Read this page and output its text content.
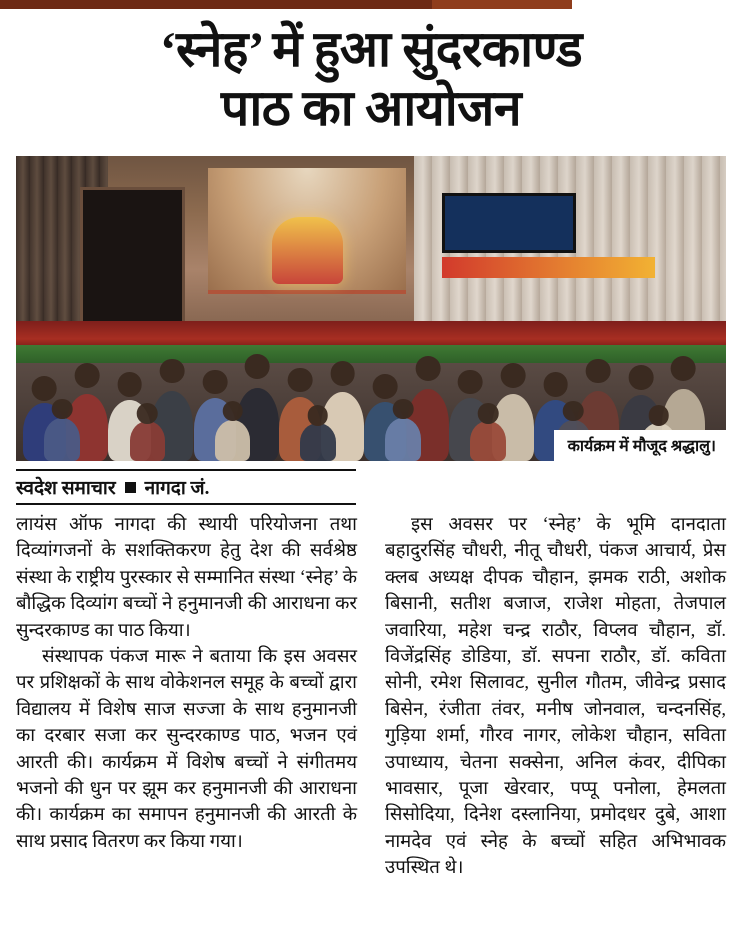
‘स्नेह’ में हुआ सुंदरकाण्ड
पाठ का आयोजन
कार्यक्रम में मौजूद श्रद्धालु।
स्वदेश समाचार नागदा जं.

लायंस ऑफ नागदा की स्थायी परियोजना तथा दिव्यांगजनों के सशक्तिकरण हेतु देश की सर्वश्रेष्ठ संस्था के राष्ट्रीय पुरस्कार से सम्मानित संस्था ‘स्नेह’ के बौद्धिक दिव्यांग बच्चों ने हनुमानजी की आराधना कर सुन्दरकाण्ड का पाठ किया।

संस्थापक पंकज मारू ने बताया कि इस अवसर पर प्रशिक्षकों के साथ वोकेशनल समूह के बच्चों द्वारा विद्यालय में विशेष साज सज्जा के साथ हनुमानजी का दरबार सजा कर सुन्दरकाण्ड पाठ, भजन एवं आरती की। कार्यक्रम में विशेष बच्चों ने संगीतमय भजनो की धुन पर झूम कर हनुमानजी की आराधना की। कार्यक्रम का समापन हनुमानजी की आरती के साथ प्रसाद वितरण कर किया गया।

इस अवसर पर ‘स्नेह’ के भूमि दानदाता बहादुरसिंह चौधरी, नीतू चौधरी, पंकज आचार्य, प्रेस क्लब अध्यक्ष दीपक चौहान, झमक राठी, अशोक बिसानी, सतीश बजाज, राजेश मोहता, तेजपाल जवारिया, महेश चन्द्र राठौर, विप्लव चौहान, डॉ. विजेंद्रसिंह डोडिया, डॉ. सपना राठौर, डॉ. कविता सोनी, रमेश सिलावट, सुनील गौतम, जीवेन्द्र प्रसाद बिसेन, रंजीता तंवर, मनीष जोनवाल, चन्दनसिंह, गुड़िया शर्मा, गौरव नागर, लोकेश चौहान, सविता उपाध्याय, चेतना सक्सेना, अनिल कंवर, दीपिका भावसार, पूजा खेरवार, पप्पू पनोला, हेमलता सिसोदिया, दिनेश दस्लानिया, प्रमोदधर दुबे, आशा नामदेव एवं स्नेह के बच्चों सहित अभिभावक उपस्थित थे।
